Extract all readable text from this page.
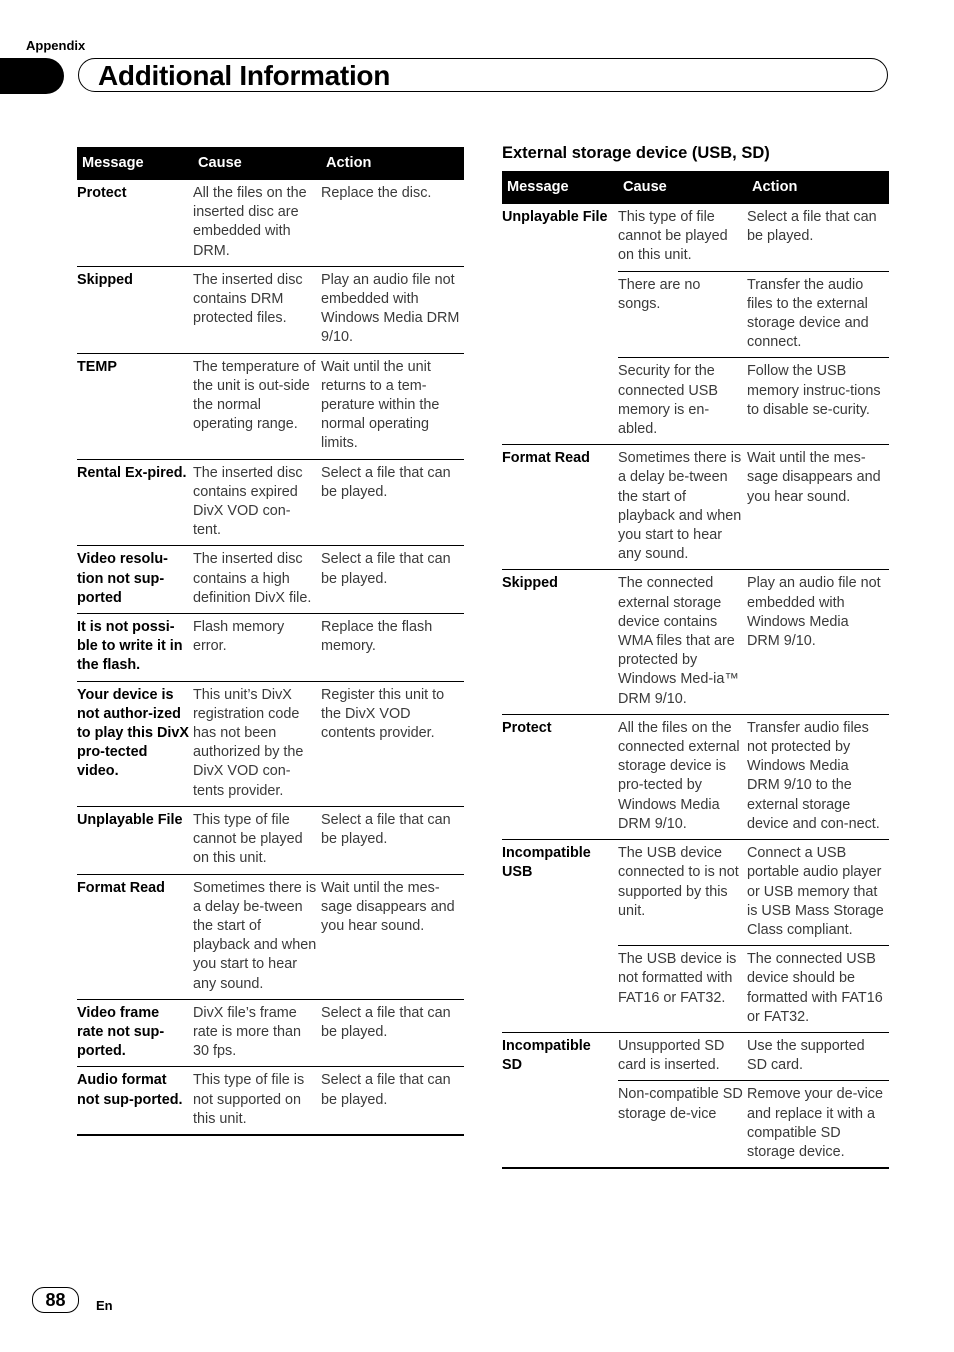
Appendix
Additional Information
Message	Cause	Action
Protect	All the files on the inserted disc are embedded with DRM.	Replace the disc.
Skipped	The inserted disc contains DRM protected files.	Play an audio file not embedded with Windows Media DRM 9/10.
TEMP	The temperature of the unit is out-side the normal operating range.	Wait until the unit returns to a tem-perature within the normal operating limits.
Rental Ex-pired.	The inserted disc contains expired DivX VOD con-tent.	Select a file that can be played.
Video resolu-tion not sup-ported	The inserted disc contains a high definition DivX file.	Select a file that can be played.
It is not possi-ble to write it in the flash.	Flash memory error.	Replace the flash memory.
Your device is not author-ized to play this DivX pro-tected video.	This unit’s DivX registration code has not been authorized by the DivX VOD con-tents provider.	Register this unit to the DivX VOD contents provider.
Unplayable File	This type of file cannot be played on this unit.	Select a file that can be played.
Format Read	Sometimes there is a delay be-tween the start of playback and when you start to hear any sound.	Wait until the mes-sage disappears and you hear sound.
Video frame rate not sup-ported.	DivX file’s frame rate is more than 30 fps.	Select a file that can be played.
Audio format not sup-ported.	This type of file is not supported on this unit.	Select a file that can be played.
External storage device (USB, SD)
Message	Cause	Action
Unplayable File	This type of file cannot be played on this unit.	Select a file that can be played.
	There are no songs.	Transfer the audio files to the external storage device and connect.
	Security for the connected USB memory is en-abled.	Follow the USB memory instruc-tions to disable se-curity.
Format Read	Sometimes there is a delay be-tween the start of playback and when you start to hear any sound.	Wait until the mes-sage disappears and you hear sound.
Skipped	The connected external storage device contains WMA files that are protected by Windows Med-ia™ DRM 9/10.	Play an audio file not embedded with Windows Media DRM 9/10.
Protect	All the files on the connected external storage device is pro-tected by Windows Media DRM 9/10.	Transfer audio files not protected by Windows Media DRM 9/10 to the external storage device and con-nect.
Incompatible USB	The USB device connected to is not supported by this unit.	Connect a USB portable audio player or USB memory that is USB Mass Storage Class compliant.
	The USB device is not formatted with FAT16 or FAT32.	The connected USB device should be formatted with FAT16 or FAT32.
Incompatible SD	Unsupported SD card is inserted.	Use the supported SD card.
	Non-compatible SD storage de-vice	Remove your de-vice and replace it with a compatible SD storage device.
88	En
